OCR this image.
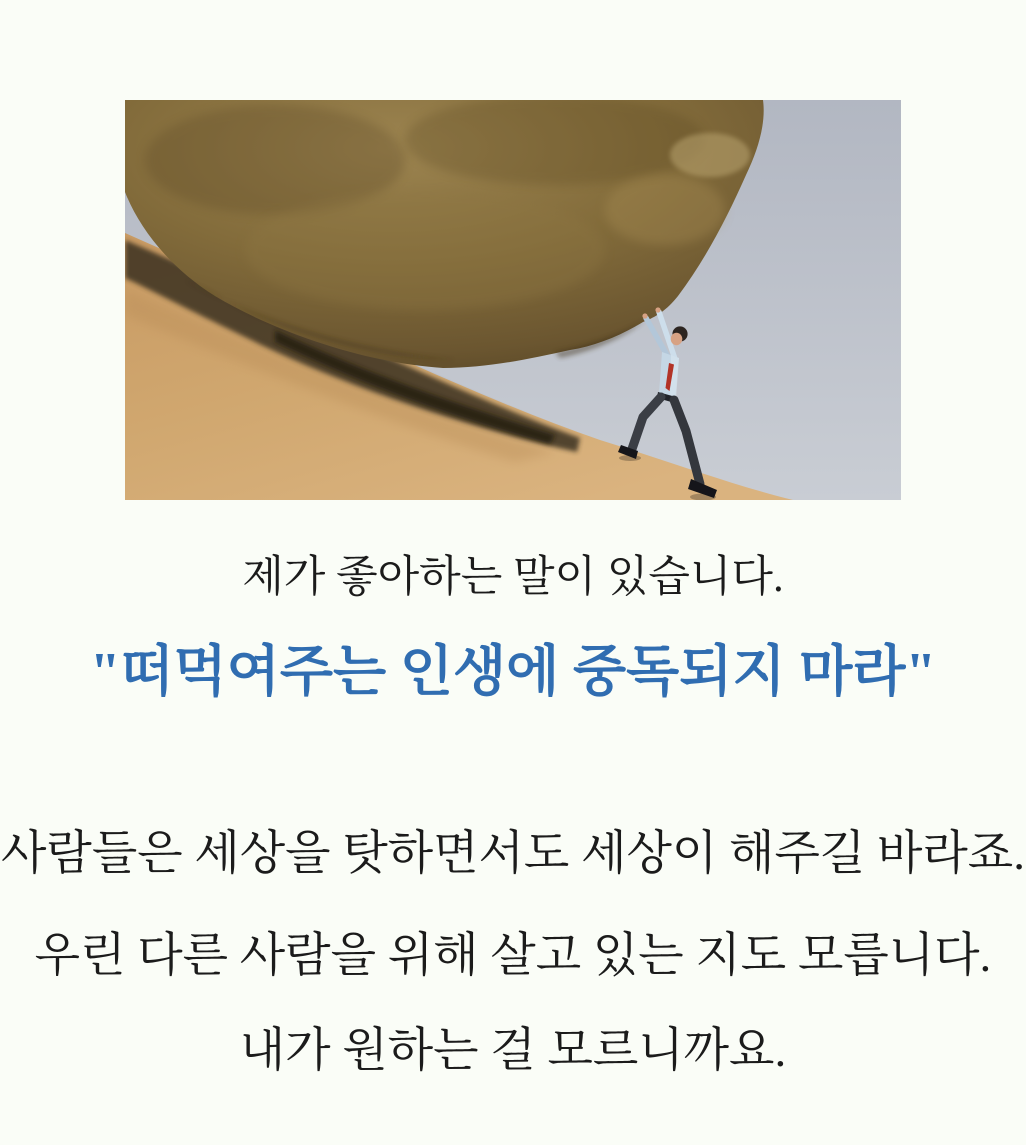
제가 좋아하는 말이 있습니다.

"떠먹여주는 인생에 중독되지 마라"

사람들은 세상을 탓하면서도 세상이 해주길 바라죠.

우린 다른 사람을 위해 살고 있는 지도 모릅니다.

내가 원하는 걸 모르니까요.
